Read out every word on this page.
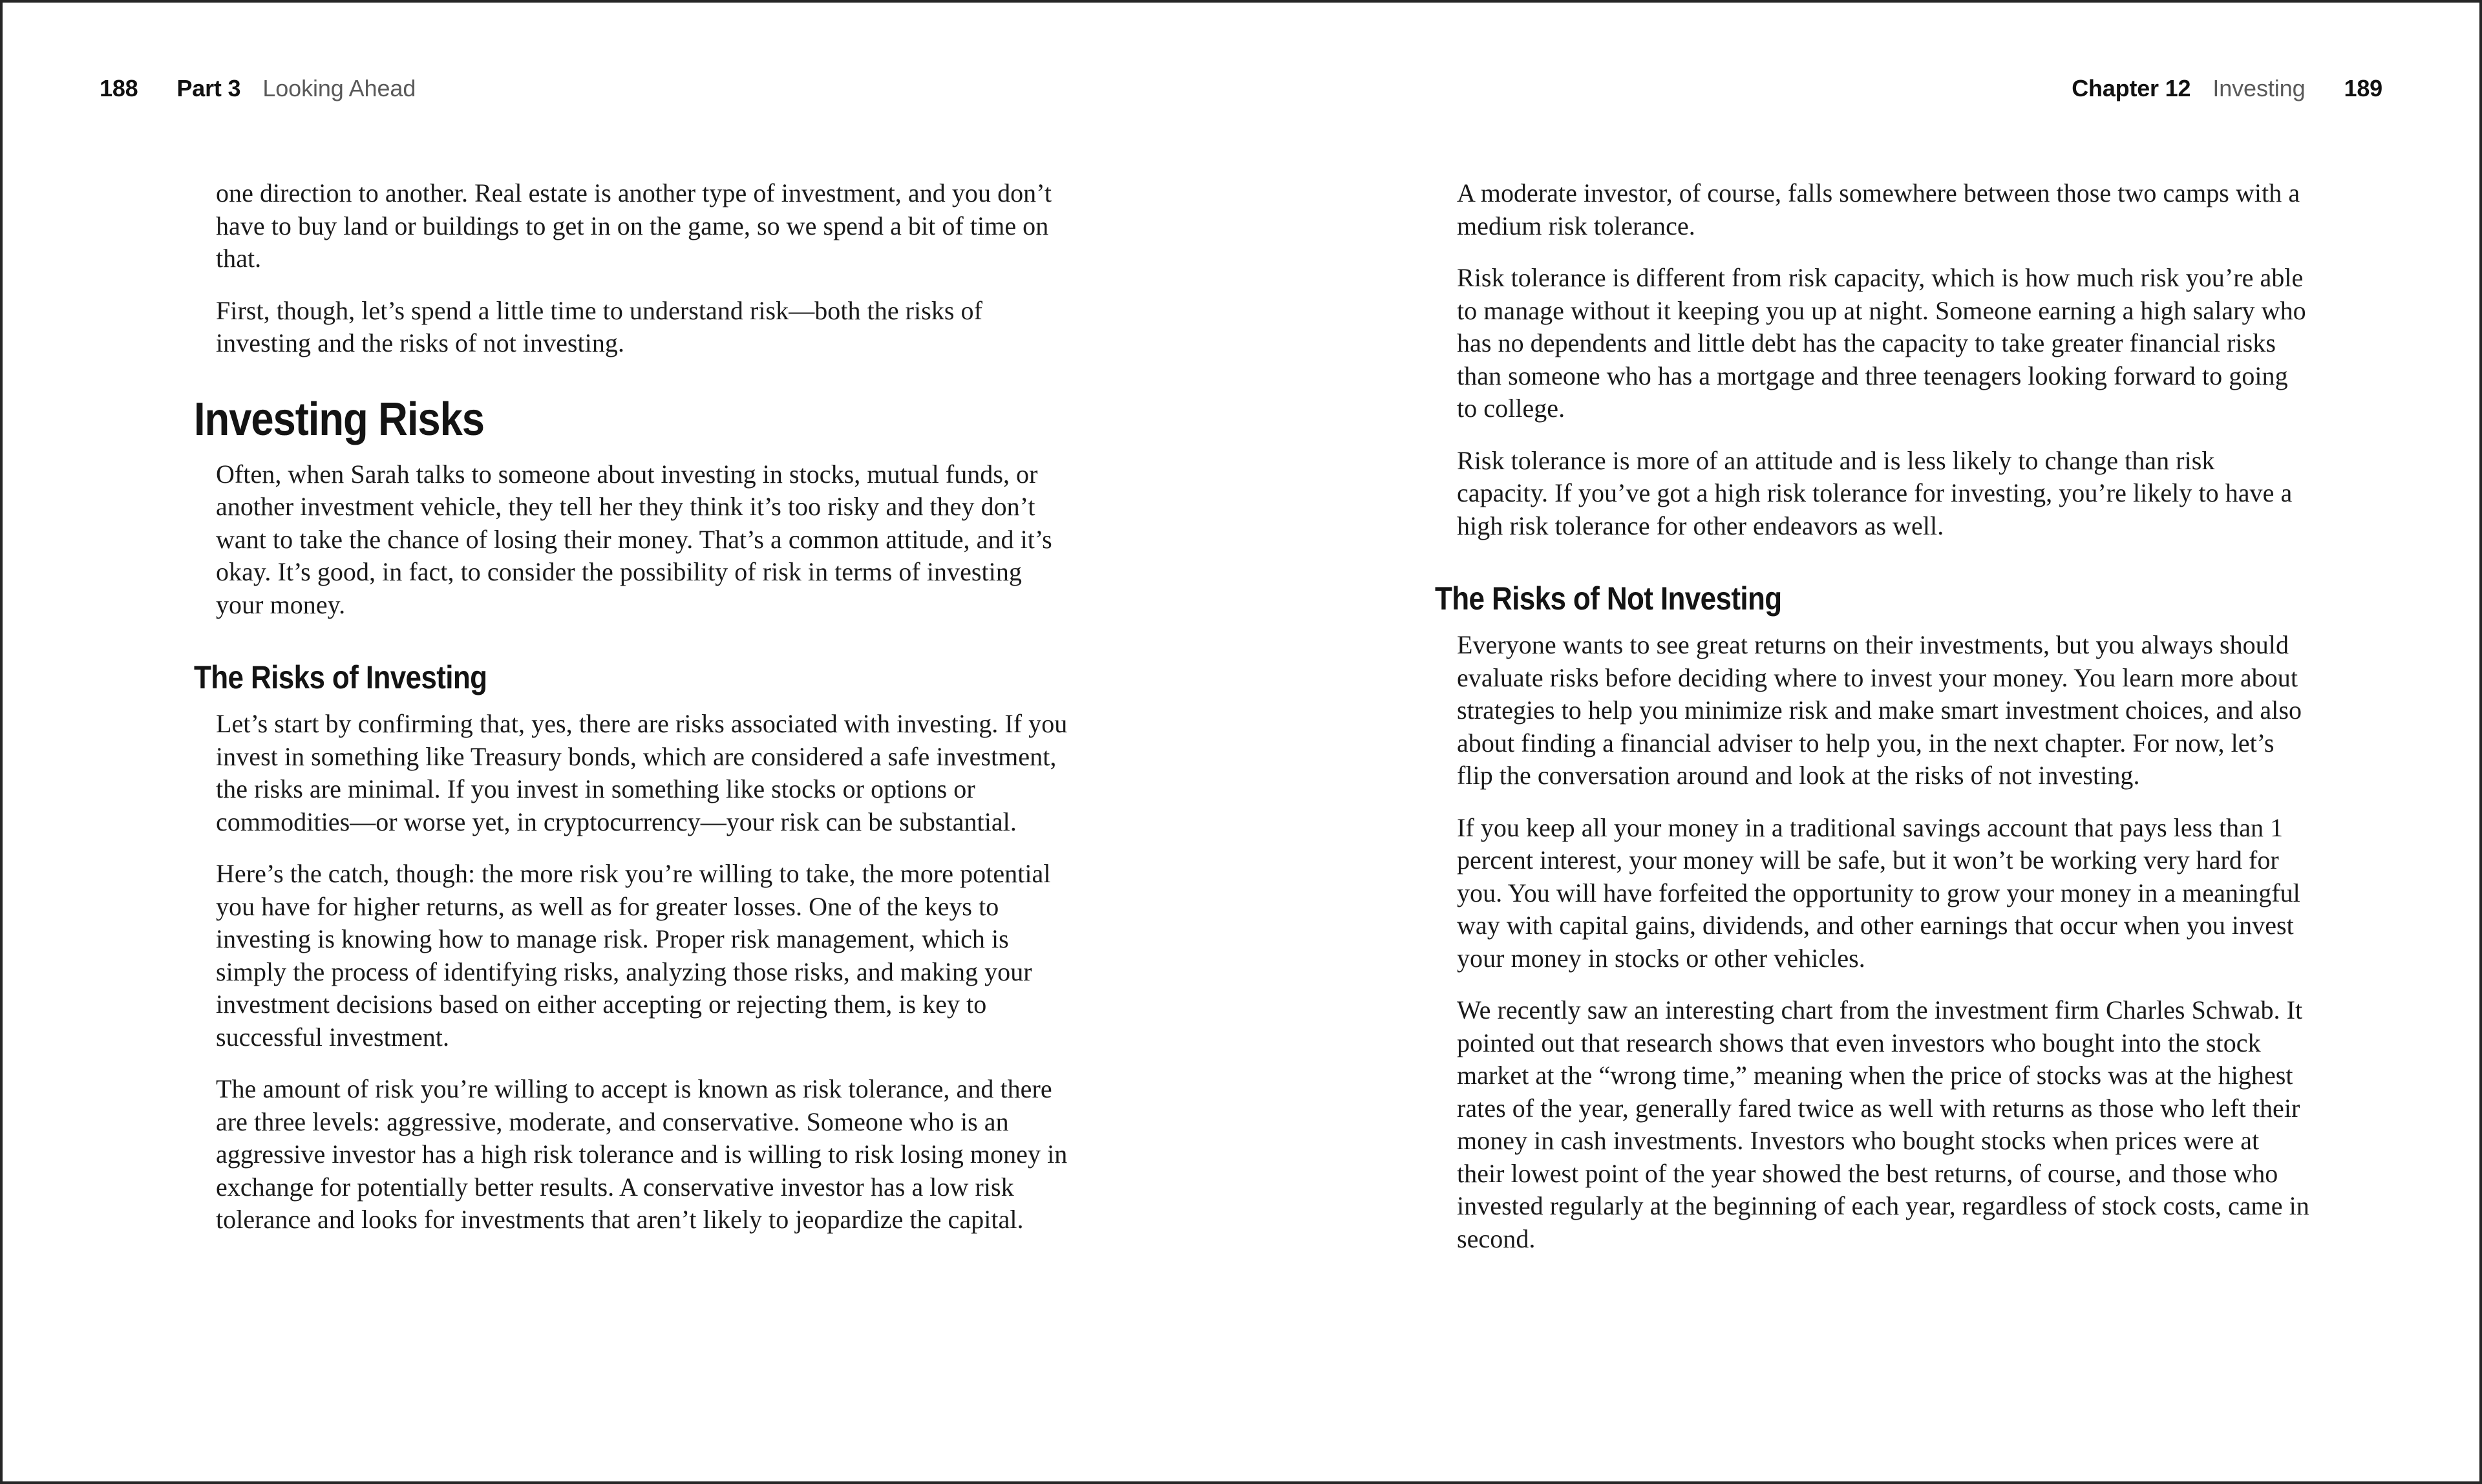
188 Part 3 Looking Ahead	Chapter 12 Investing 189

one direction to another. Real estate is another type of investment, and you don’t have to buy land or buildings to get in on the game, so we spend a bit of time on that.

First, though, let’s spend a little time to understand risk—both the risks of investing and the risks of not investing.

Investing Risks

Often, when Sarah talks to someone about investing in stocks, mutual funds, or another investment vehicle, they tell her they think it’s too risky and they don’t want to take the chance of losing their money. That’s a common attitude, and it’s okay. It’s good, in fact, to consider the possibility of risk in terms of investing your money.

The Risks of Investing

Let’s start by confirming that, yes, there are risks associated with investing. If you invest in something like Treasury bonds, which are considered a safe investment, the risks are minimal. If you invest in something like stocks or options or commodities—or worse yet, in cryptocurrency—your risk can be substantial.

Here’s the catch, though: the more risk you’re willing to take, the more potential you have for higher returns, as well as for greater losses. One of the keys to investing is knowing how to manage risk. Proper risk management, which is simply the process of identifying risks, analyzing those risks, and making your investment decisions based on either accepting or rejecting them, is key to successful investment.

The amount of risk you’re willing to accept is known as risk tolerance, and there are three levels: aggressive, moderate, and conservative. Someone who is an aggressive investor has a high risk tolerance and is willing to risk losing money in exchange for potentially better results. A conservative investor has a low risk tolerance and looks for investments that aren’t likely to jeopardize the capital.

A moderate investor, of course, falls somewhere between those two camps with a medium risk tolerance.

Risk tolerance is different from risk capacity, which is how much risk you’re able to manage without it keeping you up at night. Someone earning a high salary who has no dependents and little debt has the capacity to take greater financial risks than someone who has a mortgage and three teenagers looking forward to going to college.

Risk tolerance is more of an attitude and is less likely to change than risk capacity. If you’ve got a high risk tolerance for investing, you’re likely to have a high risk tolerance for other endeavors as well.

The Risks of Not Investing

Everyone wants to see great returns on their investments, but you always should evaluate risks before deciding where to invest your money. You learn more about strategies to help you minimize risk and make smart investment choices, and also about finding a financial adviser to help you, in the next chapter. For now, let’s flip the conversation around and look at the risks of not investing.

If you keep all your money in a traditional savings account that pays less than 1 percent interest, your money will be safe, but it won’t be working very hard for you. You will have forfeited the opportunity to grow your money in a meaningful way with capital gains, dividends, and other earnings that occur when you invest your money in stocks or other vehicles.

We recently saw an interesting chart from the investment firm Charles Schwab. It pointed out that research shows that even investors who bought into the stock market at the “wrong time,” meaning when the price of stocks was at the highest rates of the year, generally fared twice as well with returns as those who left their money in cash investments. Investors who bought stocks when prices were at their lowest point of the year showed the best returns, of course, and those who invested regularly at the beginning of each year, regardless of stock costs, came in second.
